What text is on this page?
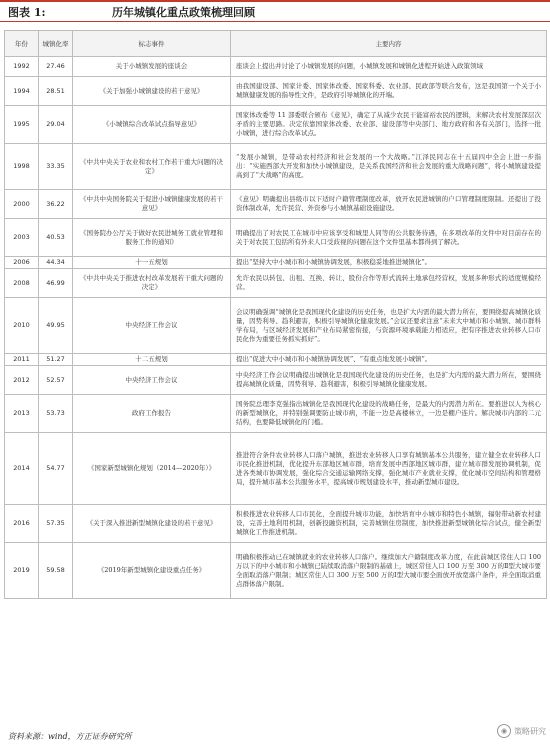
图表 1:	历年城镇化重点政策梳理回顾
年份	城镇化率	标志事件	主要内容
1992	27.46	关于小城镇发展的座谈会	座谈会上提出并讨论了小城镇发展的问题，小城镇发展和城镇化进程开始进入政策领域
1994	28.51	《关于加强小城镇建设的若干意见》	由我国建设部、国家计委、国家体改委、国家科委、农业部、民政部等联合发布，这是我国第一个关于小城镇健康发展的指导性文件，是政府引导城镇化的开端。
1995	29.04	《小城镇综合改革试点指导意见》	国家体改委等 11 部委联合颁布《意见》，确定了从减少农民干能富裕农民的逻辑，来解决农村发展深层次矛盾的主要思路。决定依靠国家体改委、农业部、建设部等中央部门、地方政府和各有关部门，选择一批小城镇，进行综合改革试点。
1998	33.35	《中共中央关于农业和农村工作若干重大问题的决定》	“发展小城镇，是带动农村经济和社会发展的一个大战略。”江泽民同志在十五届四中全会上进一步指出：“实施西部大开发和加快小城镇建设，是关系我国经济和社会发展的重大战略问题”，将小城镇建设提高到了“大战略”的高度。
2000	36.22	《中共中央国务院关于促进小城镇健康发展的若干意见》	《意见》明确提出县级市以下适时户籍管理制度改革，放开农民进城镇的户口管理制度限制。还提出了投资体制改革，允许民营、外资参与小城镇基础设施建设。
2003	40.53	《国务院办公厅关于做好农民进城务工就业管理和服务工作的通知》	明确提出了对农民工在城市中应该享受和城里人同等的公共服务待遇，在多项改革的文件中对目前存在的关于对农民工包括所有外来人口受歧视的问题在这个文件里基本都得到了解决。
2006	44.34	十一五规划	提出“坚持大中小城市和小城镇协调发展，积极稳妥地推进城镇化”。
2008	46.99	《中共中央关于推进农村改革发展若干重大问题的决定》	允许农民以转包、出租、互换、转让、股份合作等形式流转土地承包经营权，发展多种形式的适度规模经营。
2010	49.95	中央经济工作会议	会议明确强调“城镇化是我国现代化建设的历史任务，也是扩大内需的最大潜力所在，要围绕提高城镇化质量，因势利导、趋利避害，积极引导城镇化健康发展。”会议还要求注意“未来大中城市和小城镇、城市群科学布局，与区域经济发展和产业布局紧密衔接，与资源环境承载能力相适应，把有序推进农业转移人口市民化作为重要任务抓实抓好”。
2011	51.27	十二五规划	提出“促进大中小城市和小城镇协调发展”、“有重点地发展小城镇”。
2012	52.57	中央经济工作会议	中央经济工作会议明确提出城镇化是我国现代化建设的历史任务，也是扩大内需的最大潜力所在，要围绕提高城镇化质量，因势利导、趋利避害，积极引导城镇化健康发展。
2013	53.73	政府工作报告	国务院总理李克强指出城镇化是我国现代化建设的战略任务，是最大的内需潜力所在。要推进以人为核心的新型城镇化，并特别强调要防止城市病，不能一边是高楼林立，一边是棚户连片。解决城市内部的二元结构，也要降低城镇化的门槛。
2014	54.77	《国家新型城镇化规划（2014—2020年）》	推进符合条件农业转移人口落户城镇，推进农业转移人口享有城镇基本公共服务，建立健全农业转移人口市民化推进机制，优化提升东部地区城市群，培育发展中西部地区城市群，建立城市群发展协调机制，促进各类城市协调发展，强化综合交通运输网络支撑，强化城市产业就业支撑，优化城市空间结构和管理格局，提升城市基本公共服务水平，提高城市规划建设水平，推动新型城市建设。
2016	57.35	《关于深入推进新型城镇化建设的若干意见》	积极推进农业转移人口市民化，全面提升城市功能，加快培育中小城市和特色小城镇，辐射带动新农村建设，完善土地利用机制，创新投融资机制，完善城镇住房制度，加快推进新型城镇化综合试点，健全新型城镇化工作推进机制。
2019	59.58	《2019年新型城镇化建设重点任务》	明确积极推动已在城镇就业的农业转移人口落户。继续加大户籍制度改革力度，在此前城区常住人口 100 万以下的中小城市和小城镇已陆续取消落户限制的基础上，城区常住人口 100 万至 300 万的Ⅱ型大城市要全面取消落户限制；城区常住人口 300 万至 500 万的Ⅰ型大城市要全面放开放宽落户条件，并全面取消重点群体落户限制。
资料来源：wind，方正证券研究所
◉ 策略研究
